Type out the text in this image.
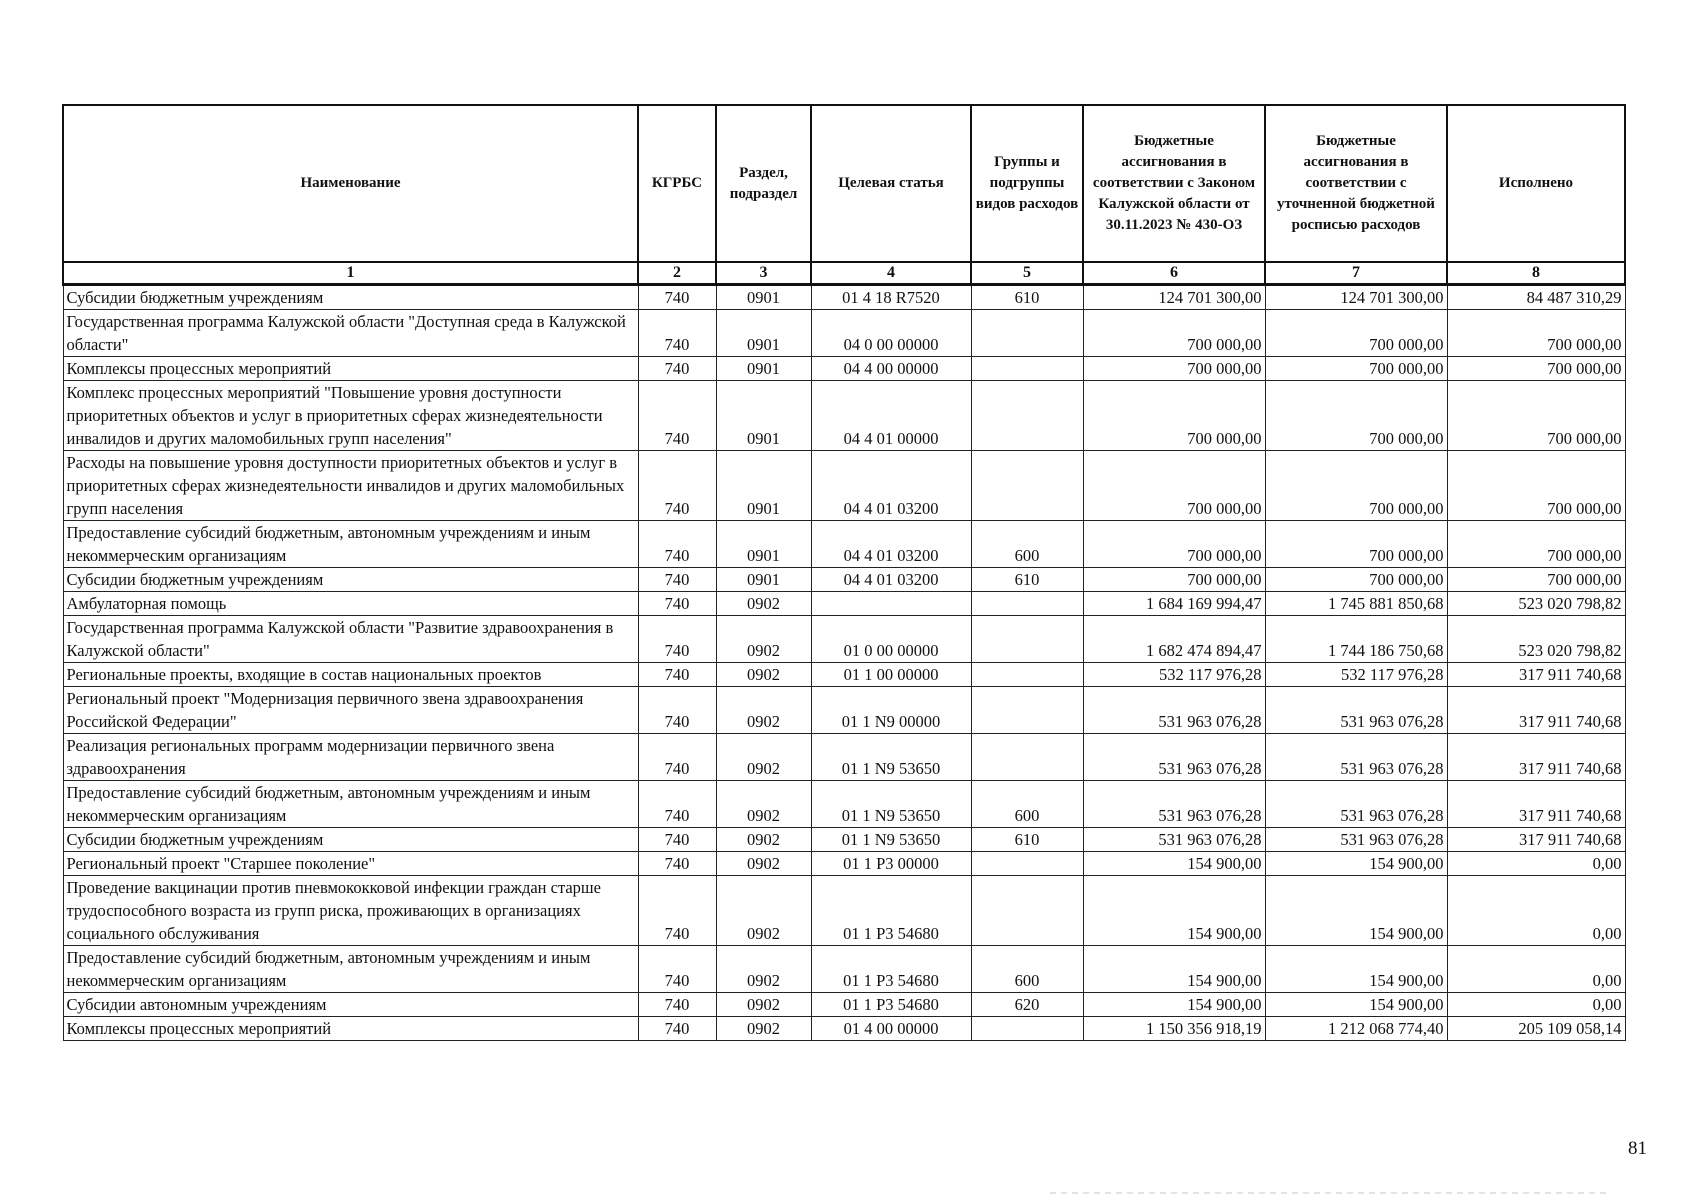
Наименование	КГРБС	Раздел, подраздел	Целевая статья	Группы и подгруппы видов расходов	Бюджетные ассигнования в соответствии с Законом Калужской области от 30.11.2023 № 430-ОЗ	Бюджетные ассигнования в соответствии с уточненной бюджетной росписью расходов	Исполнено
1	2	3	4	5	6	7	8
Субсидии бюджетным учреждениям	740	0901	01 4 18 R7520	610	124 701 300,00	124 701 300,00	84 487 310,29
Государственная программа Калужской области "Доступная среда в Калужской области"	740	0901	04 0 00 00000		700 000,00	700 000,00	700 000,00
Комплексы процессных мероприятий	740	0901	04 4 00 00000		700 000,00	700 000,00	700 000,00
Комплекс процессных мероприятий "Повышение уровня доступности приоритетных объектов и услуг в приоритетных сферах жизнедеятельности инвалидов и других маломобильных групп населения"	740	0901	04 4 01 00000		700 000,00	700 000,00	700 000,00
Расходы на повышение уровня доступности приоритетных объектов и услуг в приоритетных сферах жизнедеятельности инвалидов и других маломобильных групп населения	740	0901	04 4 01 03200		700 000,00	700 000,00	700 000,00
Предоставление субсидий бюджетным, автономным учреждениям и иным некоммерческим организациям	740	0901	04 4 01 03200	600	700 000,00	700 000,00	700 000,00
Субсидии бюджетным учреждениям	740	0901	04 4 01 03200	610	700 000,00	700 000,00	700 000,00
Амбулаторная помощь	740	0902			1 684 169 994,47	1 745 881 850,68	523 020 798,82
Государственная программа Калужской области "Развитие здравоохранения в Калужской области"	740	0902	01 0 00 00000		1 682 474 894,47	1 744 186 750,68	523 020 798,82
Региональные проекты, входящие в состав национальных проектов	740	0902	01 1 00 00000		532 117 976,28	532 117 976,28	317 911 740,68
Региональный проект "Модернизация первичного звена здравоохранения Российской Федерации"	740	0902	01 1 N9 00000		531 963 076,28	531 963 076,28	317 911 740,68
Реализация региональных программ модернизации первичного звена здравоохранения	740	0902	01 1 N9 53650		531 963 076,28	531 963 076,28	317 911 740,68
Предоставление субсидий бюджетным, автономным учреждениям и иным некоммерческим организациям	740	0902	01 1 N9 53650	600	531 963 076,28	531 963 076,28	317 911 740,68
Субсидии бюджетным учреждениям	740	0902	01 1 N9 53650	610	531 963 076,28	531 963 076,28	317 911 740,68
Региональный проект "Старшее поколение"	740	0902	01 1 P3 00000		154 900,00	154 900,00	0,00
Проведение вакцинации против пневмококковой инфекции граждан старше трудоспособного возраста из групп риска, проживающих в организациях социального обслуживания	740	0902	01 1 P3 54680		154 900,00	154 900,00	0,00
Предоставление субсидий бюджетным, автономным учреждениям и иным некоммерческим организациям	740	0902	01 1 P3 54680	600	154 900,00	154 900,00	0,00
Субсидии автономным учреждениям	740	0902	01 1 P3 54680	620	154 900,00	154 900,00	0,00
Комплексы процессных мероприятий	740	0902	01 4 00 00000		1 150 356 918,19	1 212 068 774,40	205 109 058,14
81
